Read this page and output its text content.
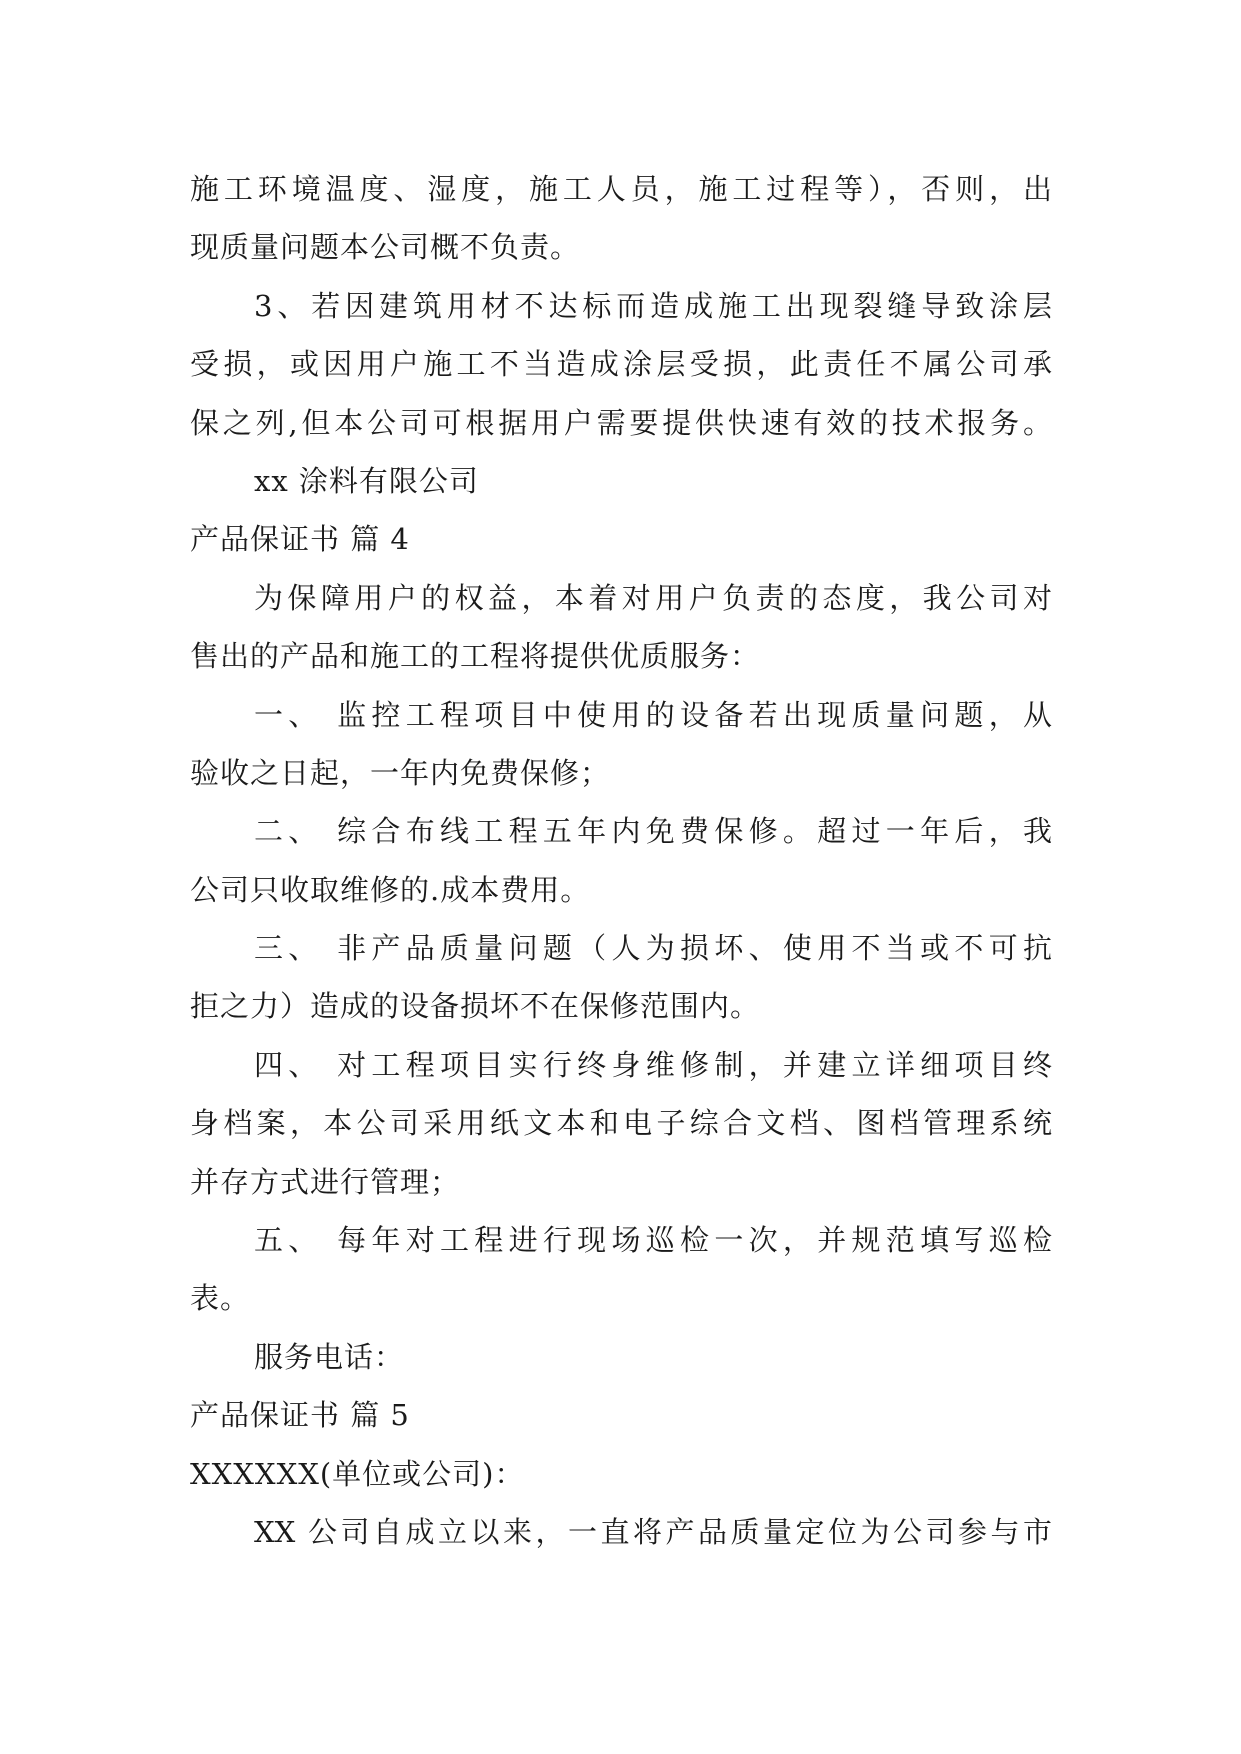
施工环境温度、湿度，施工人员，施工过程等），否则，出
现质量问题本公司概不负责。
3、若因建筑用材不达标而造成施工出现裂缝导致涂层
受损，或因用户施工不当造成涂层受损，此责任不属公司承
保之列,但本公司可根据用户需要提供快速有效的技术报务。
xx 涂料有限公司
产品保证书 篇 4
为保障用户的权益，本着对用户负责的态度，我公司对
售出的产品和施工的工程将提供优质服务：
一、 监控工程项目中使用的设备若出现质量问题，从
验收之日起，一年内免费保修；
二、 综合布线工程五年内免费保修。超过一年后，我
公司只收取维修的.成本费用。
三、 非产品质量问题（人为损坏、使用不当或不可抗
拒之力）造成的设备损坏不在保修范围内。
四、 对工程项目实行终身维修制，并建立详细项目终
身档案，本公司采用纸文本和电子综合文档、图档管理系统
并存方式进行管理；
五、 每年对工程进行现场巡检一次，并规范填写巡检
表。
服务电话：
产品保证书 篇 5
XXXXXX(单位或公司)：
XX 公司自成立以来，一直将产品质量定位为公司参与市
